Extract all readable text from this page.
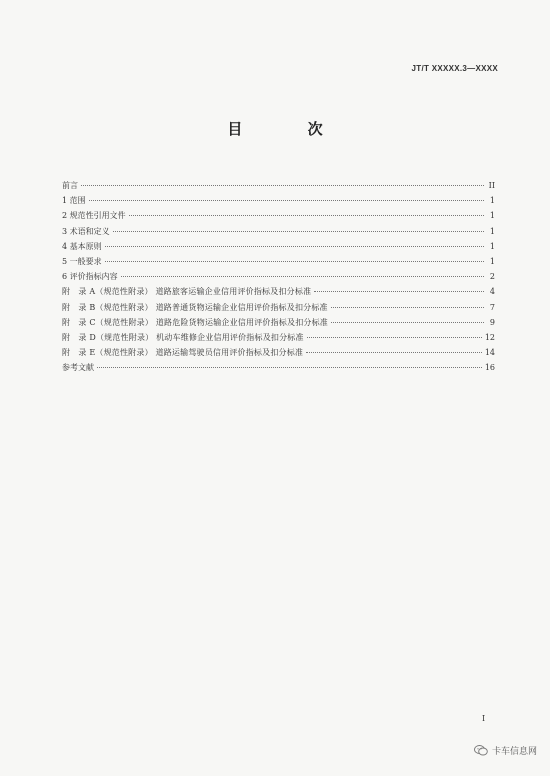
JT/T XXXXX.3—XXXX
目 次
前言	II
1 范围	1
2 规范性引用文件	1
3 术语和定义	1
4 基本原则	1
5 一般要求	1
6 评价指标内容	2
附　录 A（规范性附录） 道路旅客运输企业信用评价指标及扣分标准	4
附　录 B（规范性附录） 道路普通货物运输企业信用评价指标及扣分标准	7
附　录 C（规范性附录） 道路危险货物运输企业信用评价指标及扣分标准	9
附　录 D（规范性附录） 机动车维修企业信用评价指标及扣分标准	12
附　录 E（规范性附录） 道路运输驾驶员信用评价指标及扣分标准	14
参考文献	16
I
卡车信息网
